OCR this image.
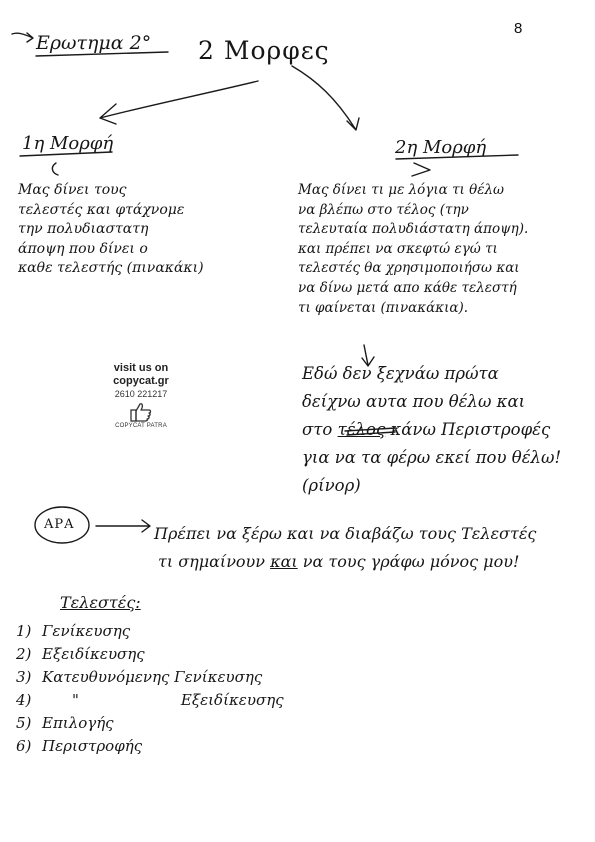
8
Ερωτημα 2° 2 Μορφες
1η Μορφή	2η Μορφή
Μας δίνει τους
τελεστές και φτάχνομε
την πολυδιαστατη
άποψη που δίνει ο
καθε τελεστής (πινακάκι)
Μας δίνει τι με λόγια τι θέλω
να βλέπω στο τέλος (την
τελευταία πολυδιάστατη άποψη).
και πρέπει να σκεφτώ εγώ τι
τελεστές θα χρησιμοποιήσω και
να δίνω μετά απο κάθε τελεστή
τι φαίνεται (πινακάκια).
visit us on
copycat.gr
2610 221217
COPYCAT PATRA
Εδώ δεν ξεχνάω πρώτα
δείχνω αυτα που θέλω και
στο τέλος κάνω Περιστροφές
για να τα φέρω εκεί που θέλω!
(ρίνορ)
ΑΡΑ	Πρέπει να ξέρω και να διαβάζω τους Τελεστές
τι σημαίνουν και να τους γράφω μόνος μου!
Τελεστές:
1) Γενίκευσης
2) Εξειδίκευσης
3) Κατευθυνόμενης Γενίκευσης
4)	"	Εξειδίκευσης
5) Επιλογής
6) Περιστροφής
